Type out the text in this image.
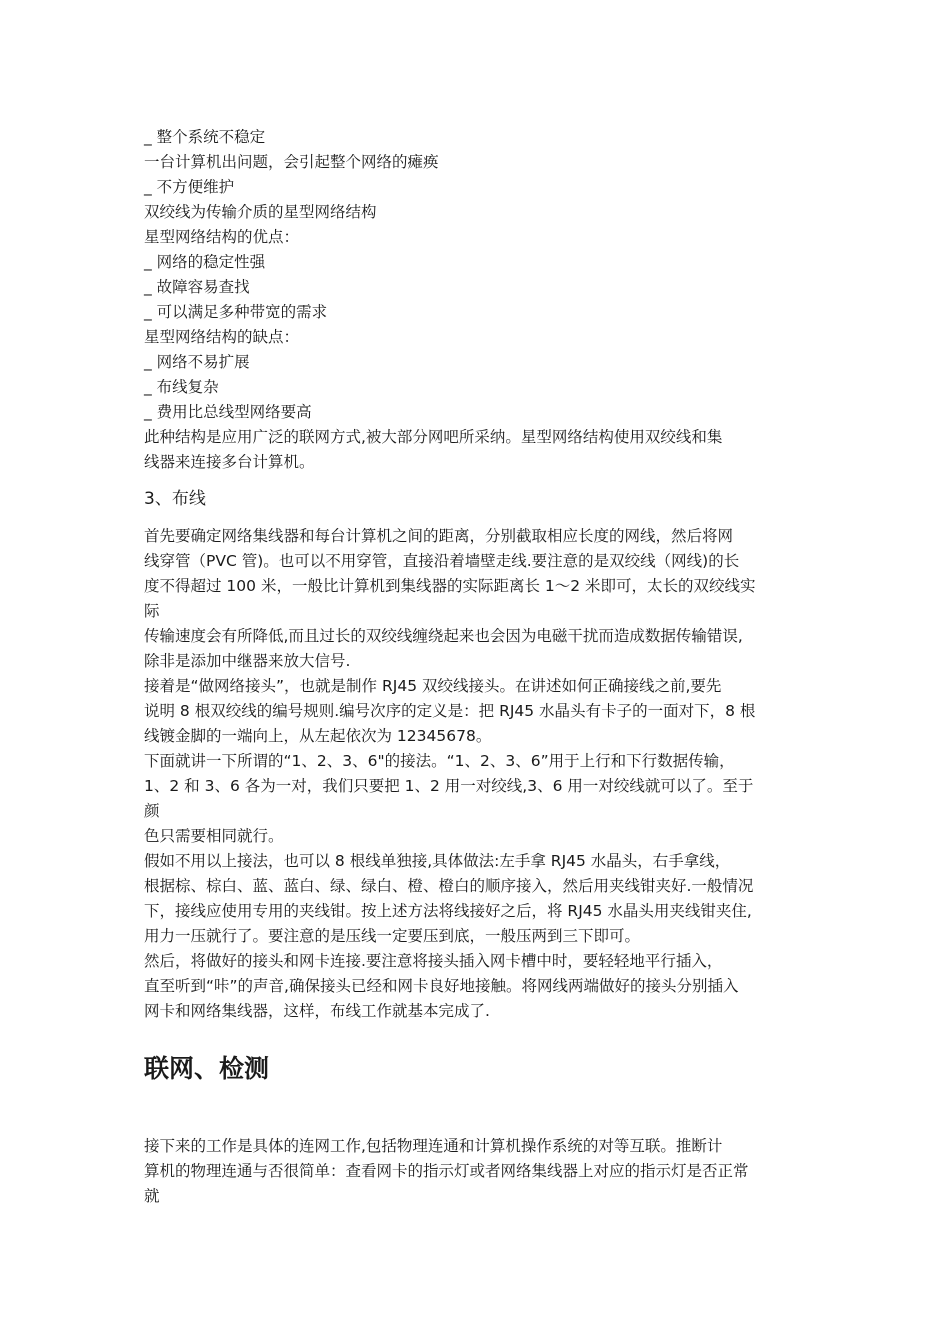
_ 整个系统不稳定
一台计算机出问题，会引起整个网络的瘫痪
_ 不方便维护
双绞线为传输介质的星型网络结构
星型网络结构的优点：
_ 网络的稳定性强
_ 故障容易查找
_ 可以满足多种带宽的需求
星型网络结构的缺点：
_ 网络不易扩展
_ 布线复杂
_ 费用比总线型网络要高
此种结构是应用广泛的联网方式,被大部分网吧所采纳。星型网络结构使用双绞线和集
线器来连接多台计算机。
3、布线
首先要确定网络集线器和每台计算机之间的距离，分别截取相应长度的网线，然后将网
线穿管（PVC 管)。也可以不用穿管，直接沿着墙壁走线.要注意的是双绞线（网线)的长
度不得超过 100 米，一般比计算机到集线器的实际距离长 1～2 米即可，太长的双绞线实
际
传输速度会有所降低,而且过长的双绞线缠绕起来也会因为电磁干扰而造成数据传输错误,
除非是添加中继器来放大信号.
接着是“做网络接头”，也就是制作 RJ45 双绞线接头。在讲述如何正确接线之前,要先
说明 8 根双绞线的编号规则.编号次序的定义是：把 RJ45 水晶头有卡子的一面对下，8 根
线镀金脚的一端向上，从左起依次为 12345678。
下面就讲一下所谓的“1、2、3、6"的接法。“1、2、3、6”用于上行和下行数据传输，
1、2 和 3、6 各为一对，我们只要把 1、2 用一对绞线,3、6 用一对绞线就可以了。至于
颜
色只需要相同就行。
假如不用以上接法，也可以 8 根线单独接,具体做法:左手拿 RJ45 水晶头，右手拿线，
根据棕、棕白、蓝、蓝白、绿、绿白、橙、橙白的顺序接入，然后用夹线钳夹好.一般情况
下，接线应使用专用的夹线钳。按上述方法将线接好之后，将 RJ45 水晶头用夹线钳夹住,
用力一压就行了。要注意的是压线一定要压到底，一般压两到三下即可。
然后，将做好的接头和网卡连接.要注意将接头插入网卡槽中时，要轻轻地平行插入，
直至听到“咔”的声音,确保接头已经和网卡良好地接触。将网线两端做好的接头分别插入
网卡和网络集线器，这样，布线工作就基本完成了.
联网、检测
接下来的工作是具体的连网工作,包括物理连通和计算机操作系统的对等互联。推断计
算机的物理连通与否很简单：查看网卡的指示灯或者网络集线器上对应的指示灯是否正常
就
